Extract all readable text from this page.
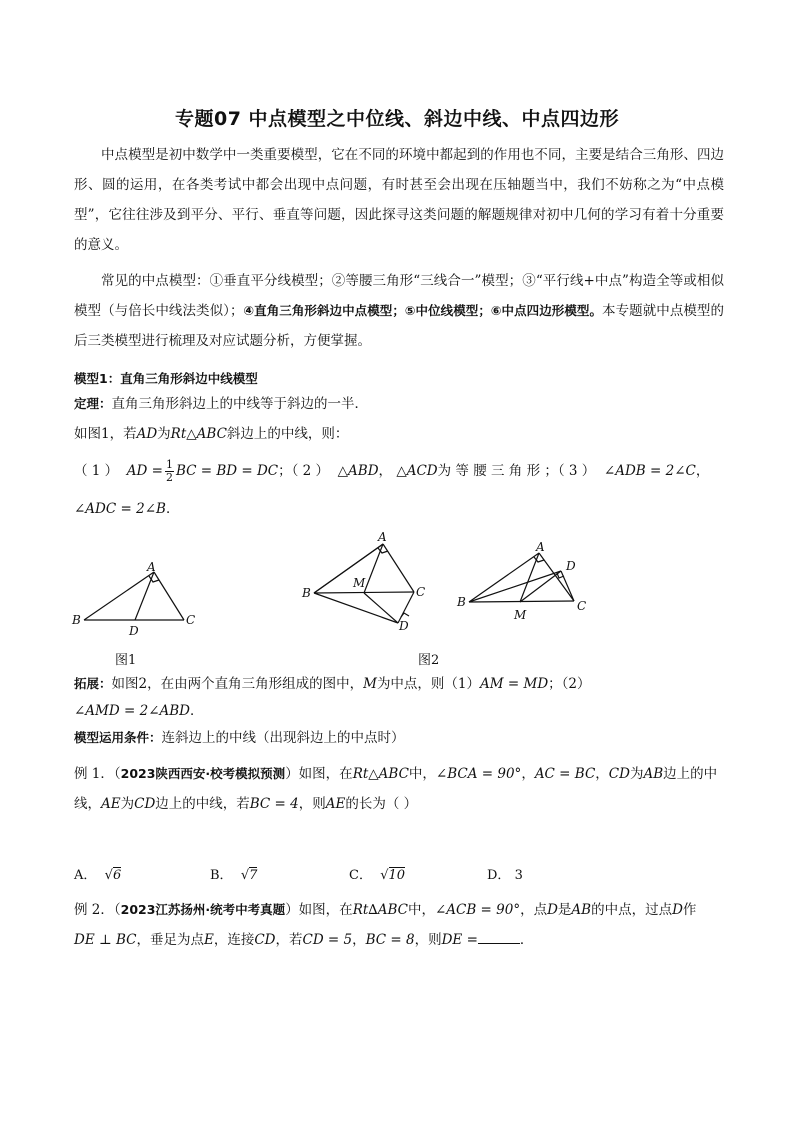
专题07 中点模型之中位线、斜边中线、中点四边形
中点模型是初中数学中一类重要模型，它在不同的环境中都起到的作用也不同，主要是结合三角形、四边形、圆的运用，在各类考试中都会出现中点问题，有时甚至会出现在压轴题当中，我们不妨称之为“中点模型”，它往往涉及到平分、平行、垂直等问题，因此探寻这类问题的解题规律对初中几何的学习有着十分重要的意义。
常见的中点模型：①垂直平分线模型；②等腰三角形“三线合一”模型；③“平行线+中点”构造全等或相似模型（与倍长中线法类似）；④直角三角形斜边中点模型；⑤中位线模型；⑥中点四边形模型。本专题就中点模型的后三类模型进行梳理及对应试题分析，方便掌握。
模型1：直角三角形斜边中线模型
定理：直角三角形斜边上的中线等于斜边的一半．
如图1，若AD为Rt△ABC斜边上的中线，则：
（ 1 ） AD = $\frac{1}{2}$ BC = BD = DC；（ 2 ） △ABD， △ACD为 等 腰 三 角 形 ；（ 3 ） ∠ADB = 2∠C，
∠ADC = 2∠B．
A
B	C
D
A
B	C
D
M
A
B	C
D
M
图1	图2
拓展：如图2，在由两个直角三角形组成的图中，M为中点，则（1）AM = MD；（2）
∠AMD = 2∠ABD．
模型运用条件：连斜边上的中线（出现斜边上的中点时）
例 1．（2023陕西西安·校考模拟预测）如图，在Rt△ABC中，∠BCA = 90°，AC = BC，CD为AB边上的中
线，AE为CD边上的中线，若BC = 4，则AE的长为（ ）
A． √6	B． √7	C． √10	D． 3
例 2．（2023江苏扬州·统考中考真题）如图，在Rt∆ABC中，∠ACB = 90°，点D是AB的中点，过点D作
DE ⊥ BC，垂足为点E，连接CD，若CD = 5，BC = 8，则DE =	．
